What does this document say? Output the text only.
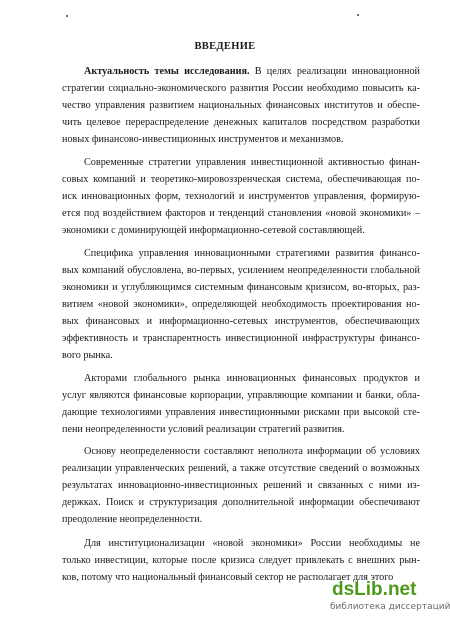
ВВЕДЕНИЕ
Актуальность темы исследования. В целях реализации инновационной
стратегии социально-экономического развития России необходимо повысить ка-
чество управления развитием национальных финансовых институтов и обеспе-
чить целевое перераспределение денежных капиталов посредством разработки
новых финансово-инвестиционных инструментов и механизмов.
Современные стратегии управления инвестиционной активностью финан-
совых компаний и теоретико-мировоззренческая система, обеспечивающая по-
иск инновационных форм, технологий и инструментов управления, формирую-
ется под воздействием факторов и тенденций становления «новой экономики» –
экономики с доминирующей информационно-сетевой составляющей.
Специфика управления инновационными стратегиями развития финансо-
вых компаний обусловлена, во-первых, усилением неопределенности глобальной
экономики и углубляющимся системным финансовым кризисом, во-вторых, раз-
витием «новой экономики», определяющей необходимость проектирования но-
вых финансовых и информационно-сетевых инструментов, обеспечивающих
эффективность и транспарентность инвестиционной инфраструктуры финансо-
вого рынка.
Акторами глобального рынка инновационных финансовых продуктов и
услуг являются финансовые корпорации, управляющие компании и банки, обла-
дающие технологиями управления инвестиционными рисками при высокой сте-
пени неопределенности условий реализации стратегий развития.
Основу неопределенности составляют неполнота информации об условиях
реализации управленческих решений, а также отсутствие сведений о возможных
результатах инновационно-инвестиционных решений и связанных с ними из-
держках. Поиск и структуризация дополнительной информации обеспечивают
преодоление неопределенности.
Для институционализации «новой экономики» России необходимы не
только инвестиции, которые после кризиса следует привлекать с внешних рын-
ков, потому что национальный финансовый сектор не располагает для этого
dsLib.net
библиотека диссертаций
